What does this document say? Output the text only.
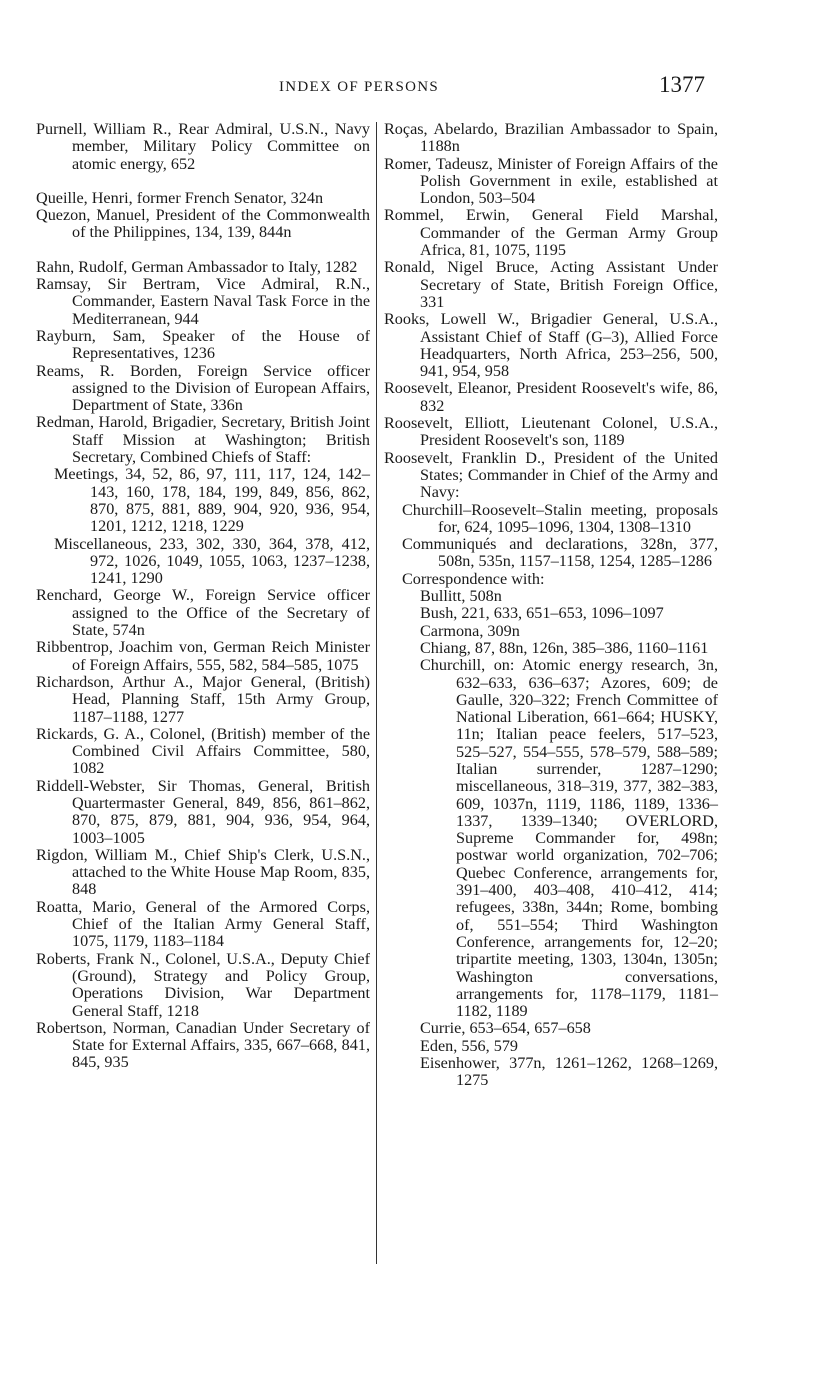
INDEX OF PERSONS	1377

Purnell, William R., Rear Admiral, U.S.N., Navy member, Military Policy Committee on atomic energy, 652

Queille, Henri, former French Senator, 324n

Quezon, Manuel, President of the Commonwealth of the Philippines, 134, 139, 844n

Rahn, Rudolf, German Ambassador to Italy, 1282

Ramsay, Sir Bertram, Vice Admiral, R.N., Commander, Eastern Naval Task Force in the Mediterranean, 944

Rayburn, Sam, Speaker of the House of Representatives, 1236

Reams, R. Borden, Foreign Service officer assigned to the Division of European Affairs, Department of State, 336n

Redman, Harold, Brigadier, Secretary, British Joint Staff Mission at Washington; British Secretary, Combined Chiefs of Staff:

Meetings, 34, 52, 86, 97, 111, 117, 124, 142–143, 160, 178, 184, 199, 849, 856, 862, 870, 875, 881, 889, 904, 920, 936, 954, 1201, 1212, 1218, 1229

Miscellaneous, 233, 302, 330, 364, 378, 412, 972, 1026, 1049, 1055, 1063, 1237–1238, 1241, 1290

Renchard, George W., Foreign Service officer assigned to the Office of the Secretary of State, 574n

Ribbentrop, Joachim von, German Reich Minister of Foreign Affairs, 555, 582, 584–585, 1075

Richardson, Arthur A., Major General, (British) Head, Planning Staff, 15th Army Group, 1187–1188, 1277

Rickards, G. A., Colonel, (British) member of the Combined Civil Affairs Committee, 580, 1082

Riddell-Webster, Sir Thomas, General, British Quartermaster General, 849, 856, 861–862, 870, 875, 879, 881, 904, 936, 954, 964, 1003–1005

Rigdon, William M., Chief Ship's Clerk, U.S.N., attached to the White House Map Room, 835, 848

Roatta, Mario, General of the Armored Corps, Chief of the Italian Army General Staff, 1075, 1179, 1183–1184

Roberts, Frank N., Colonel, U.S.A., Deputy Chief (Ground), Strategy and Policy Group, Operations Division, War Department General Staff, 1218

Robertson, Norman, Canadian Under Secretary of State for External Affairs, 335, 667–668, 841, 845, 935

Roças, Abelardo, Brazilian Ambassador to Spain, 1188n

Romer, Tadeusz, Minister of Foreign Affairs of the Polish Government in exile, established at London, 503–504

Rommel, Erwin, General Field Marshal, Commander of the German Army Group Africa, 81, 1075, 1195

Ronald, Nigel Bruce, Acting Assistant Under Secretary of State, British Foreign Office, 331

Rooks, Lowell W., Brigadier General, U.S.A., Assistant Chief of Staff (G–3), Allied Force Headquarters, North Africa, 253–256, 500, 941, 954, 958

Roosevelt, Eleanor, President Roosevelt's wife, 86, 832

Roosevelt, Elliott, Lieutenant Colonel, U.S.A., President Roosevelt's son, 1189

Roosevelt, Franklin D., President of the United States; Commander in Chief of the Army and Navy:

Churchill–Roosevelt–Stalin meeting, proposals for, 624, 1095–1096, 1304, 1308–1310

Communiqués and declarations, 328n, 377, 508n, 535n, 1157–1158, 1254, 1285–1286

Correspondence with:

Bullitt, 508n

Bush, 221, 633, 651–653, 1096–1097

Carmona, 309n

Chiang, 87, 88n, 126n, 385–386, 1160–1161

Churchill, on: Atomic energy research, 3n, 632–633, 636–637; Azores, 609; de Gaulle, 320–322; French Committee of National Liberation, 661–664; HUSKY, 11n; Italian peace feelers, 517–523, 525–527, 554–555, 578–579, 588–589; Italian surrender, 1287–1290; miscellaneous, 318–319, 377, 382–383, 609, 1037n, 1119, 1186, 1189, 1336–1337, 1339–1340; OVERLORD, Supreme Commander for, 498n; postwar world organization, 702–706; Quebec Conference, arrangements for, 391–400, 403–408, 410–412, 414; refugees, 338n, 344n; Rome, bombing of, 551–554; Third Washington Conference, arrangements for, 12–20; tripartite meeting, 1303, 1304n, 1305n; Washington conversations, arrangements for, 1178–1179, 1181–1182, 1189

Currie, 653–654, 657–658

Eden, 556, 579

Eisenhower, 377n, 1261–1262, 1268–1269, 1275
